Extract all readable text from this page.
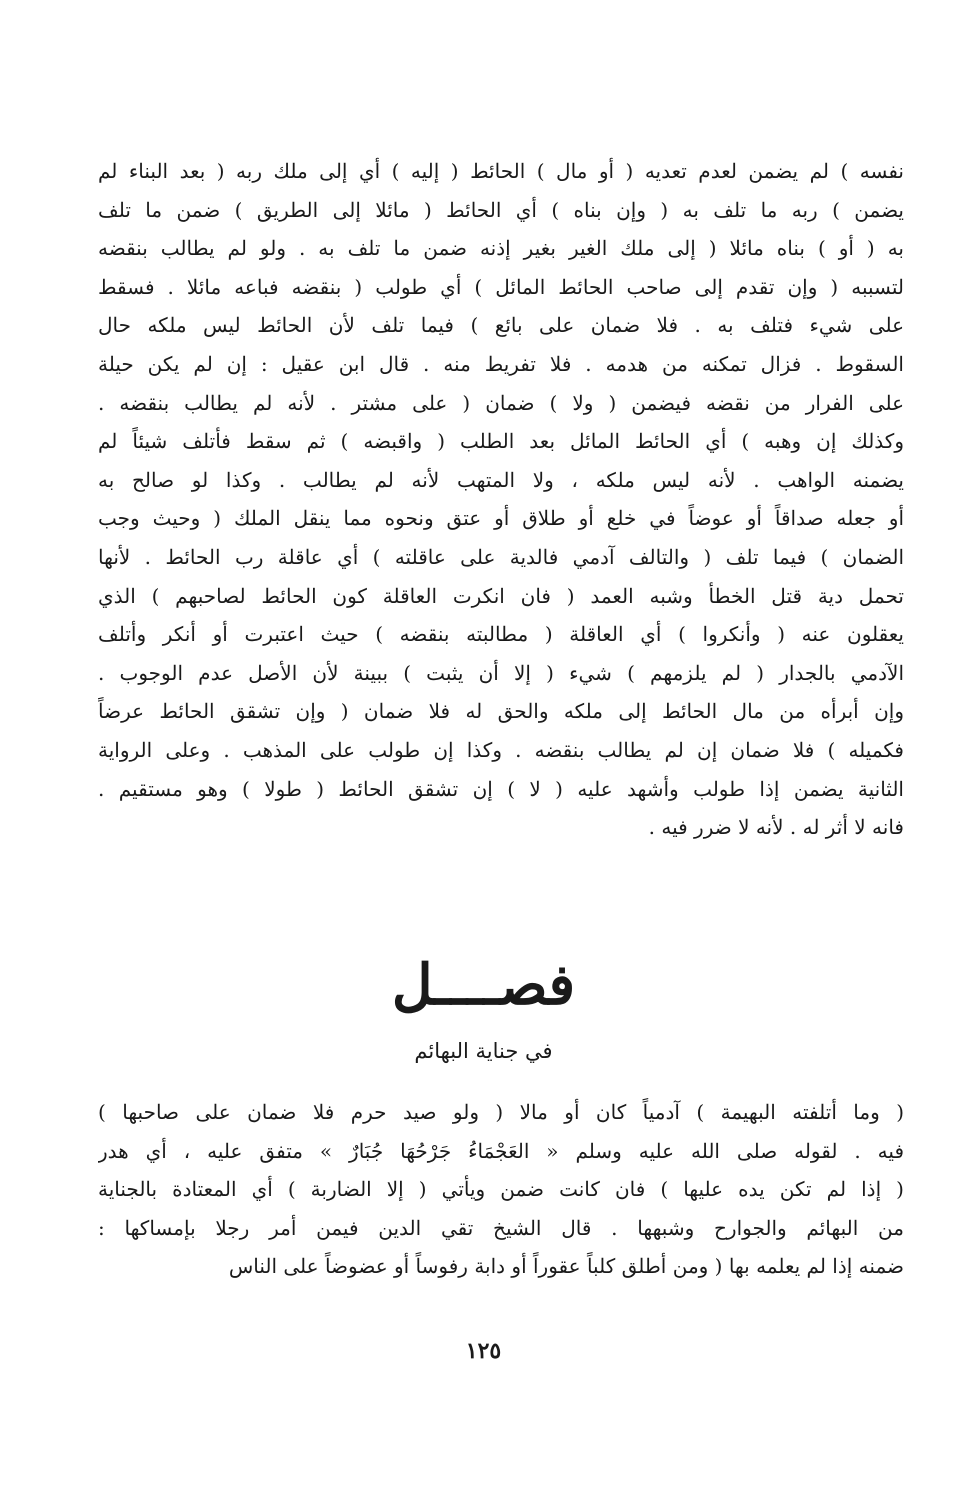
نفسه ) لم يضمن لعدم تعديه ( أو مال ) الحائط ( إليه ) أي إلى ملك ربه ( بعد البناء لم
يضمن ) ربه ما تلف به ( وإن بناه ) أي الحائط ( مائلا إلى الطريق ) ضمن ما تلف
به ( أو ) بناه مائلا ( إلى ملك الغير بغير إذنه ضمن ما تلف به . ولو لم يطالب بنقضه
لتسببه ( وإن تقدم إلى صاحب الحائط المائل ) أي طولب ( بنقضه فباعه مائلا . فسقط
على شيء فتلف به . فلا ضمان على بائع ) فيما تلف لأن الحائط ليس ملكه حال
السقوط . فزال تمكنه من هدمه . فلا تفريط منه . قال ابن عقيل : إن لم يكن حيلة
على الفرار من نقضه فيضمن ( ولا ) ضمان ( على مشتر . لأنه لم يطالب بنقضه .
وكذلك إن وهبه ) أي الحائط المائل بعد الطلب ( واقبضه ) ثم سقط فأتلف شيئاً لم
يضمنه الواهب . لأنه ليس ملكه ، ولا المتهب لأنه لم يطالب . وكذا لو صالح به
أو جعله صداقاً أو عوضاً في خلع أو طلاق أو عتق ونحوه مما ينقل الملك ( وحيث وجب
الضمان ) فيما تلف ( والتالف آدمي فالدية على عاقلته ) أي عاقلة رب الحائط . لأنها
تحمل دية قتل الخطأ وشبه العمد ( فان انكرت العاقلة كون الحائط لصاحبهم ) الذي
يعقلون عنه ( وأنكروا ) أي العاقلة ( مطالبته بنقضه ) حيث اعتبرت أو أنكر وأتلف
الآدمي بالجدار ( لم يلزمهم ) شيء ( إلا أن يثبت ) ببينة لأن الأصل عدم الوجوب .
وإن أبرأه من مال الحائط إلى ملكه والحق له فلا ضمان ( وإن تشقق الحائط عرضاً
فكميله ) فلا ضمان إن لم يطالب بنقضه . وكذا إن طولب على المذهب . وعلى الرواية
الثانية يضمن إذا طولب وأشهد عليه ( لا ) إن تشقق الحائط ( طولا ) وهو مستقيم .
فانه لا أثر له . لأنه لا ضرر فيه .
فصــــل
في جناية البهائم
( وما أتلفته البهيمة ) آدمياً كان أو مالا ( ولو صيد حرم فلا ضمان على صاحبها )
فيه . لقوله صلى الله عليه وسلم « العَجْمَاءُ جَرْحُهَا جُبَارٌ » متفق عليه ، أي هدر
( إذا لم تكن يده عليها ) فان كانت ضمن ويأتي ( إلا الضاربة ) أي المعتادة بالجناية
من البهائم والجوارح وشبهها . قال الشيخ تقي الدين فيمن أمر رجلا بإمساكها :
ضمنه إذا لم يعلمه بها ( ومن أطلق كلباً عقوراً أو دابة رفوساً أو عضوضاً على الناس
١٢٥
